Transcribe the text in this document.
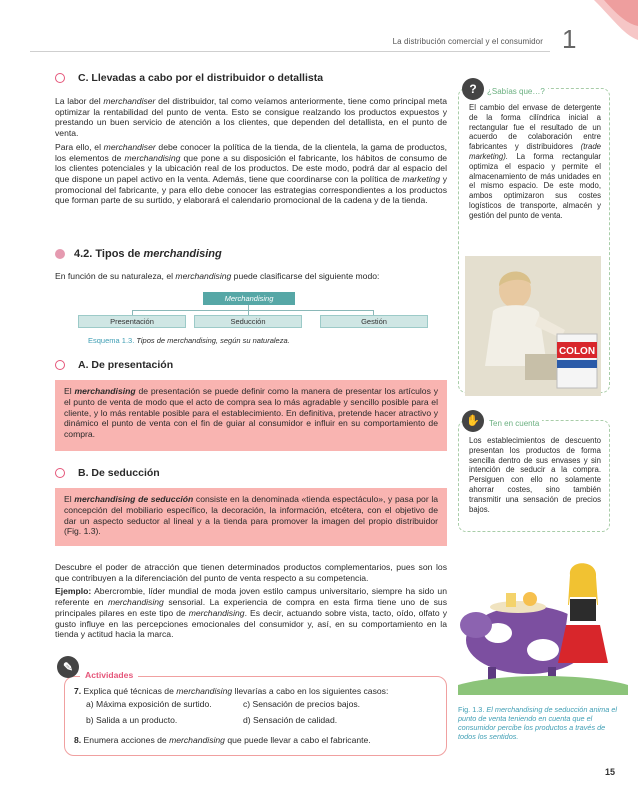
La distribución comercial y el consumidor 1
C. Llevadas a cabo por el distribuidor o detallista

La labor del merchandiser del distribuidor, tal como veíamos anteriormente, tiene como principal meta optimizar la rentabilidad del punto de venta. Esto se consigue realzando los productos expuestos y prestando un buen servicio de atención a los clientes, que dependen del detallista, en el punto de venta.

Para ello, el merchandiser debe conocer la política de la tienda, de la clientela, la gama de productos, los elementos de merchandising que pone a su disposición el fabricante, los hábitos de consumo de los clientes potenciales y la ubicación real de los productos. De este modo, podrá dar al espacio del que dispone un papel activo en la venta. Además, tiene que coordinarse con la política de marketing y promocional del fabricante, y para ello debe conocer las estrategias correspondientes a los productos que forman parte de su surtido, y elaborará el calendario promocional de la cadena y de la tienda.

4.2. Tipos de
merchandising

En función de su naturaleza, el merchandising puede clasificarse del siguiente modo:

Merchandising
Presentación	Seducción	Gestión
Esquema 1.3. Tipos de merchandising, según su naturaleza.
A. De presentación

El merchandising de presentación se puede definir como la manera de presentar los artículos y el punto de venta de modo que el acto de compra sea lo más agradable y sencillo posible para el cliente, y lo más rentable posible para el establecimiento. En definitiva, pretende hacer atractivo y dinámico el punto de venta con el fin de guiar al consumidor e influir en su comportamiento de compra.

B. De seducción

El merchandising de seducción consiste en la denominada «tienda espectáculo», y pasa por la concepción del mobiliario específico, la decoración, la información, etcétera, con el objetivo de dar un aspecto seductor al lineal y a la tienda para promover la imagen del propio distribuidor (Fig. 1.3).

Descubre el poder de atracción que tienen determinados productos complementarios, pues son los que contribuyen a la diferenciación del punto de venta respecto a su competencia.

Ejemplo: Abercrombie, líder mundial de moda joven estilo campus universitario, siempre ha sido un referente en merchandising sensorial. La experiencia de compra en esta firma tiene uno de sus principales pilares en este tipo de merchandising. Es decir, actuando sobre vista, tacto, oído, olfato y gusto influye en las percepciones emocionales del consumidor y, así, en su comportamiento en la tienda y actitud hacia la marca.

✎
Actividades
7. Explica qué técnicas de merchandising llevarías a cabo en los siguientes casos:
a) Máxima exposición de surtido.	c) Sensación de precios bajos.
b) Salida a un producto.	d) Sensación de calidad.
8. Enumera acciones de merchandising que puede llevar a cabo el fabricante.
?	¿Sabías que…?
El cambio del envase de detergente de la forma cilíndrica inicial a rectangular fue el resultado de un acuerdo de colaboración entre fabricantes y distribuidores (trade marketing). La forma rectangular optimiza el espacio y permite el almacenamiento de más unidades en el mismo espacio. De este modo, ambos optimizaron sus costes logísticos de transporte, almacén y gestión del punto de venta.
COLON
✋	Ten en cuenta
Los establecimientos de descuento presentan los productos de forma sencilla dentro de sus envases y sin intención de seducir a la compra. Persiguen con ello no solamente ahorrar costes, sino también transmitir una sensación de precios bajos.
Fig. 1.3. El merchandising de seducción anima el punto de venta teniendo en cuenta que el consumidor percibe los productos a través de todos los sentidos.
15
